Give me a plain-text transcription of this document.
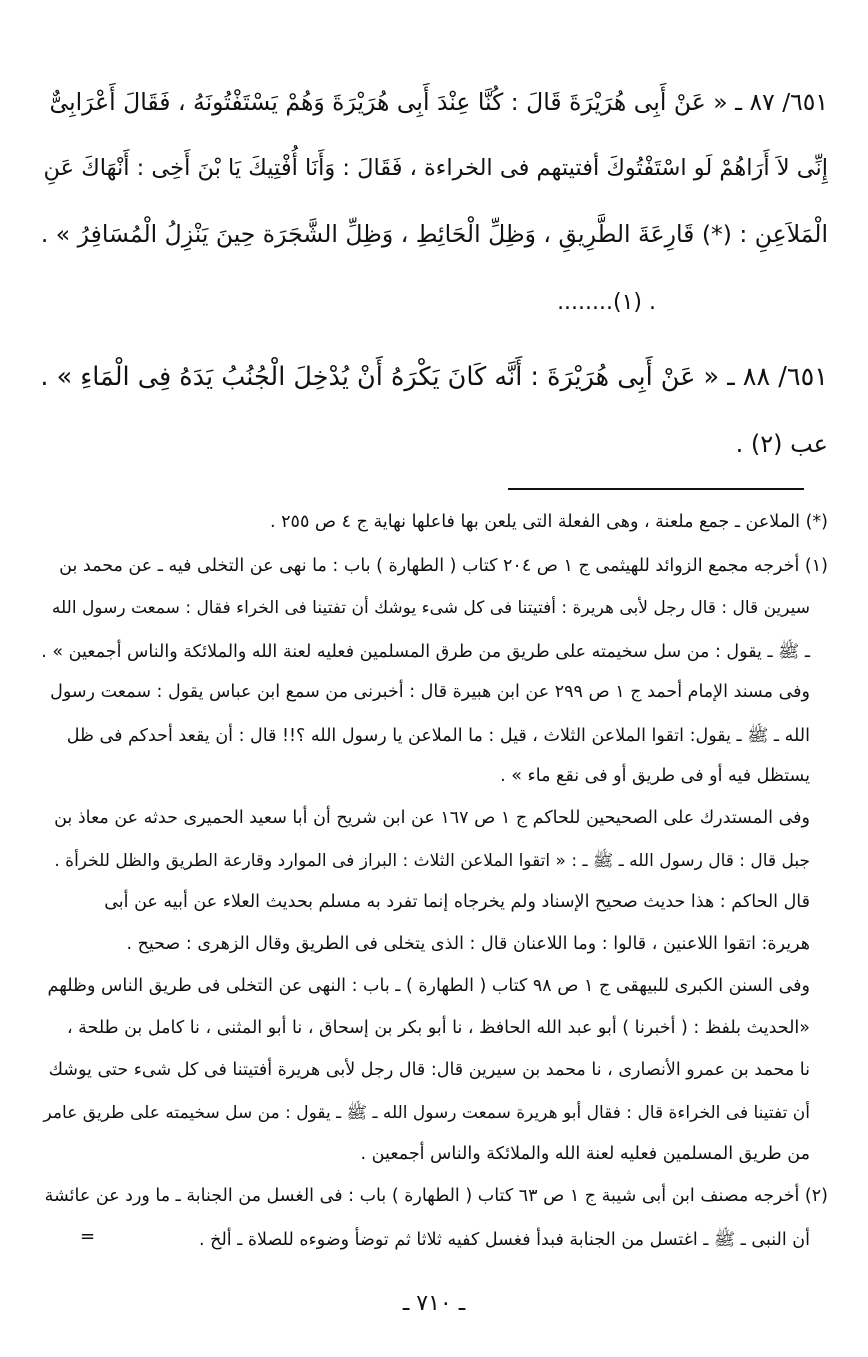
٦٥١/ ٨٧ ـ « عَنْ أَبِى هُرَيْرَةَ قَالَ : كُنَّا عِنْدَ أَبِى هُرَيْرَةَ وَهُمْ يَسْتَفْتُونَهُ ، فَقَالَ أَعْرَابِىٌّ
إِنِّى لاَ أَرَاهُمْ لَو اسْتَفْتُوكَ أفتيتهم فى الخراءة ، فَقَالَ : وَأَنَا أُفْتِيكَ يَا بْنَ أَخِى : أَنْهَاكَ عَنِ
الْمَلاَعِنِ : (*) قَارِعَةَ الطَّرِيقِ ، وَظِلِّ الْحَائِطِ ، وَظِلِّ الشَّجَرَة حِينَ يَنْزِلُ الْمُسَافِرُ » .
........(١) .
٦٥١/ ٨٨ ـ « عَنْ أَبِى هُرَيْرَةَ : أَنَّه كَانَ يَكْرَهُ أَنْ يُدْخِلَ الْجُنُبُ يَدَهُ فِى الْمَاءِ » .
عب (٢) .
(*) الملاعن ـ جمع ملعنة ، وهى الفعلة التى يلعن بها فاعلها نهاية ج ٤ ص ٢٥٥ .
(١) أخرجه مجمع الزوائد للهيثمى ج ١ ص ٢٠٤ كتاب ( الطهارة ) باب : ما نهى عن التخلى فيه ـ عن محمد بن
سيرين قال : قال رجل لأبى هريرة : أفتيتنا فى كل شىء يوشك أن تفتينا فى الخراء فقال : سمعت رسول الله
ـ ﷺ ـ يقول : من سل سخيمته على طريق من طرق المسلمين فعليه لعنة الله والملائكة والناس أجمعين » .
وفى مسند الإمام أحمد ج ١ ص ٢٩٩ عن ابن هبيرة قال : أخبرنى من سمع ابن عباس يقول : سمعت رسول
الله ـ ﷺ ـ يقول: اتقوا الملاعن الثلاث ، قيل : ما الملاعن يا رسول الله ؟!! قال : أن يقعد أحدكم فى ظل
يستظل فيه أو فى طريق أو فى نقع ماء » .
وفى المستدرك على الصحيحين للحاكم ج ١ ص ١٦٧ عن ابن شريح أن أبا سعيد الحميرى حدثه عن معاذ بن
جبل قال : قال رسول الله ـ ﷺ ـ : « اتقوا الملاعن الثلاث : البراز فى الموارد وقارعة الطريق والظل للخرأة .
قال الحاكم : هذا حديث صحيح الإسناد ولم يخرجاه إنما تفرد به مسلم بحديث العلاء عن أبيه عن أبى
هريرة: اتقوا اللاعنين ، قالوا : وما اللاعنان قال : الذى يتخلى فى الطريق وقال الزهرى : صحيح .
وفى السنن الكبرى للبيهقى ج ١ ص ٩٨ كتاب ( الطهارة ) ـ باب : النهى عن التخلى فى طريق الناس وظلهم
«الحديث بلفظ : ( أخبرنا ) أبو عبد الله الحافظ ، نا أبو بكر بن إسحاق ، نا أبو المثنى ، نا كامل بن طلحة ،
نا محمد بن عمرو الأنصارى ، نا محمد بن سيرين قال: قال رجل لأبى هريرة أفتيتنا فى كل شىء حتى يوشك
أن تفتينا فى الخراءة قال : فقال أبو هريرة سمعت رسول الله ـ ﷺ ـ يقول : من سل سخيمته على طريق عامر
من طريق المسلمين فعليه لعنة الله والملائكة والناس أجمعين .
(٢) أخرجه مصنف ابن أبى شيبة ج ١ ص ٦٣ كتاب ( الطهارة ) باب : فى الغسل من الجنابة ـ ما ورد عن عائشة
أن النبى ـ ﷺ ـ اغتسل من الجنابة فبدأ فغسل كفيه ثلاثا ثم توضأ وضوءه للصلاة ـ ألخ .
=
ـ ٧١٠ ـ
